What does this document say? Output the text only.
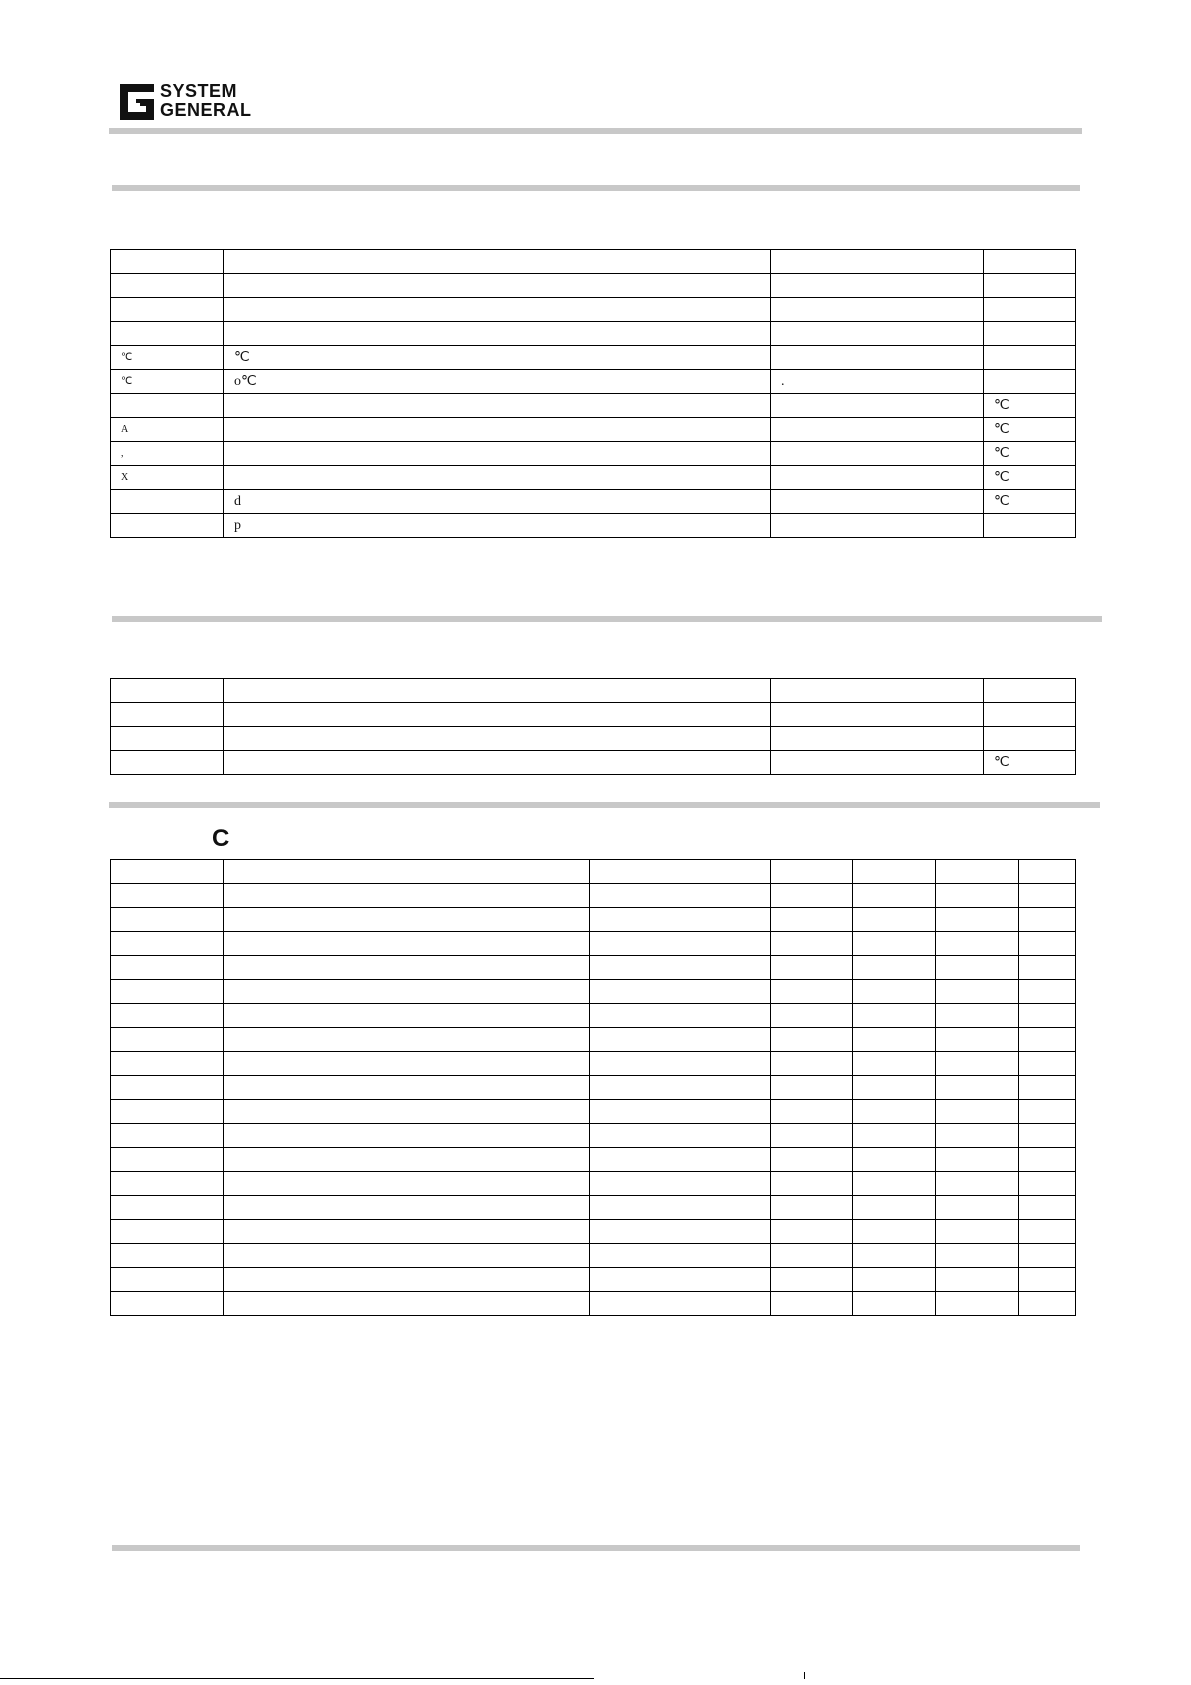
SYSTEM
GENERAL

℃	℃		
℃	o℃	.	
			℃
A			℃
,			℃
X			℃
	d		℃
	p		

			℃
C
